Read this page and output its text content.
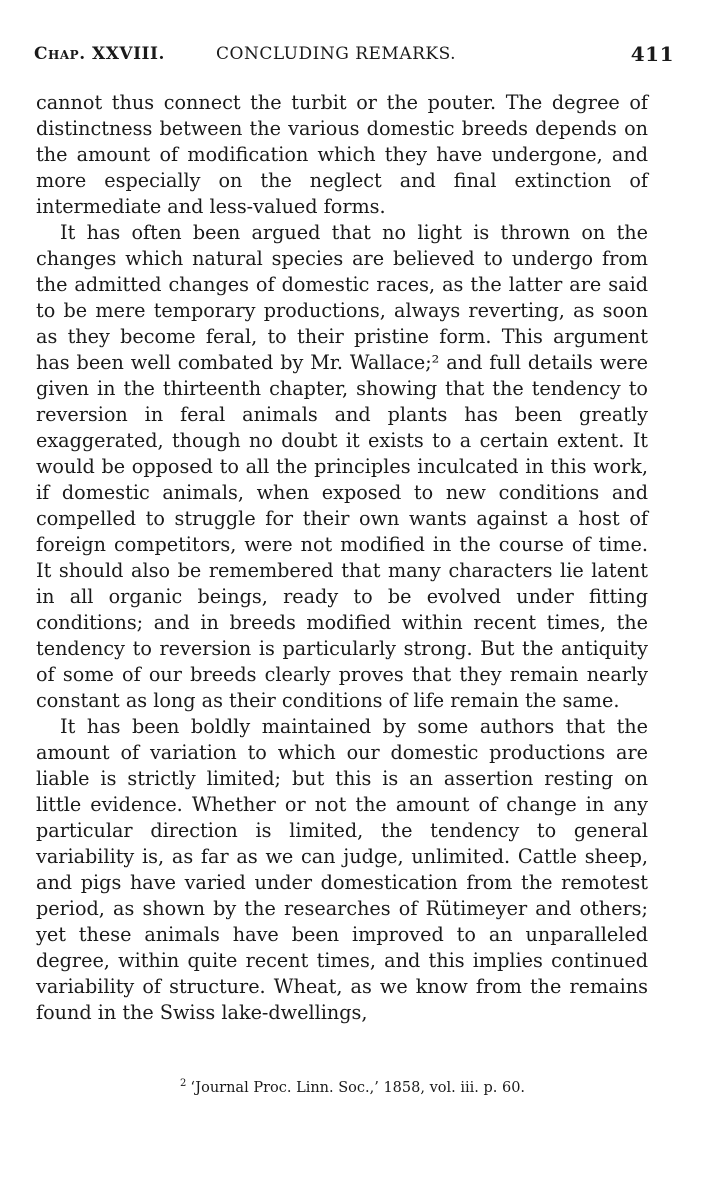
Chap. XXVIII.	CONCLUDING REMARKS.	411

cannot thus connect the turbit or the pouter. The degree of distinctness between the various domestic breeds depends on the amount of modification which they have undergone, and more especially on the neglect and final extinction of intermediate and less-valued forms.

It has often been argued that no light is thrown on the changes which natural species are believed to undergo from the admitted changes of domestic races, as the latter are said to be mere temporary productions, always reverting, as soon as they become feral, to their pristine form. This argument has been well combated by Mr. Wallace;² and full details were given in the thirteenth chapter, showing that the tendency to reversion in feral animals and plants has been greatly exaggerated, though no doubt it exists to a certain extent. It would be opposed to all the principles inculcated in this work, if domestic animals, when exposed to new conditions and compelled to struggle for their own wants against a host of foreign competitors, were not modified in the course of time. It should also be remembered that many characters lie latent in all organic beings, ready to be evolved under fitting conditions; and in breeds modified within recent times, the tendency to reversion is particularly strong. But the antiquity of some of our breeds clearly proves that they remain nearly constant as long as their conditions of life remain the same.

It has been boldly maintained by some authors that the amount of variation to which our domestic productions are liable is strictly limited; but this is an assertion resting on little evidence. Whether or not the amount of change in any particular direction is limited, the tendency to general variability is, as far as we can judge, unlimited. Cattle sheep, and pigs have varied under domestication from the remotest period, as shown by the researches of Rütimeyer and others; yet these animals have been improved to an unparalleled degree, within quite recent times, and this implies continued variability of structure. Wheat, as we know from the remains found in the Swiss lake-dwellings,

$^2$ ‘Journal Proc. Linn. Soc.,’ 1858, vol. iii. p. 60.
